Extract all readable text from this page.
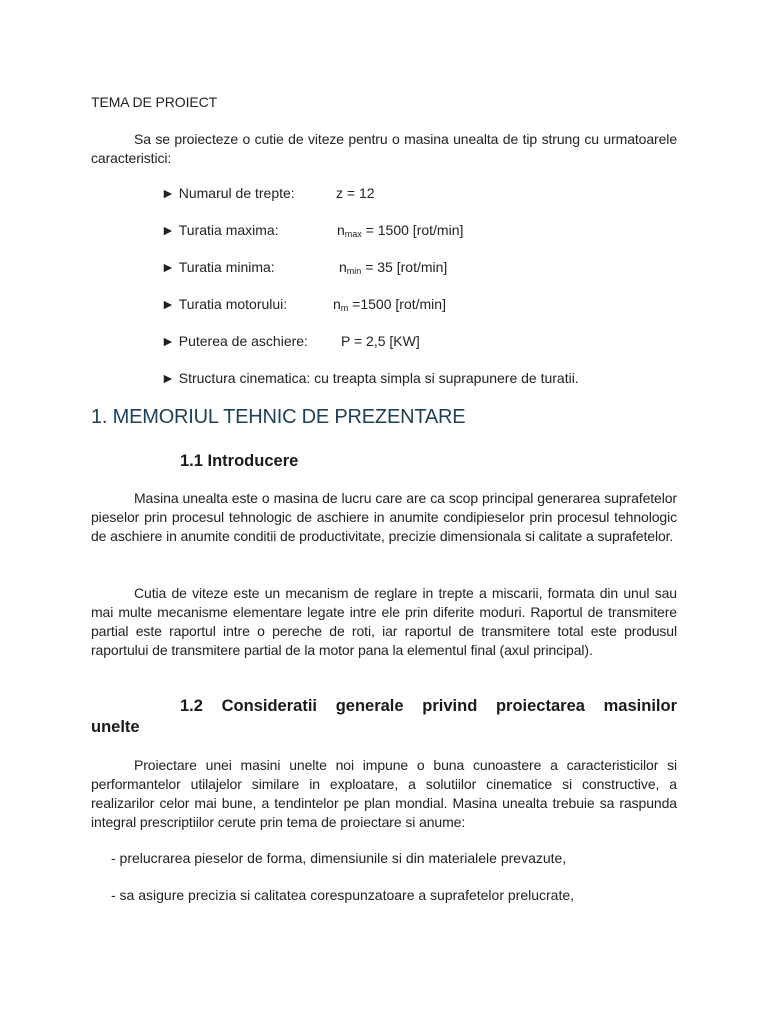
TEMA DE PROIECT
Sa se proiecteze o cutie de viteze pentru o masina unealta de tip strung cu urmatoarele caracteristici:
► Numarul de trepte:	z = 12
► Turatia maxima:	$n_{max} = 1500$ [rot/min]
► Turatia minima:	$n_{min} = 35$ [rot/min]
► Turatia motorului:	$n_m =1500$ [rot/min]
► Puterea de aschiere: P = 2,5 [KW]
► Structura cinematica: cu treapta simpla si suprapunere de turatii.
1. MEMORIUL TEHNIC DE PREZENTARE
1.1 Introducere
Masina unealta este o masina de lucru care are ca scop principal generarea suprafetelor pieselor prin procesul tehnologic de aschiere in anumite condipieselor prin procesul tehnologic de aschiere in anumite conditii de productivitate, precizie dimensionala si calitate a suprafetelor.
Cutia de viteze este un mecanism de reglare in trepte a miscarii, formata din unul sau mai multe mecanisme elementare legate intre ele prin diferite moduri. Raportul de transmitere partial este raportul intre o pereche de roti, iar raportul de transmitere total este produsul raportului de transmitere partial de la motor pana la elementul final (axul principal).
1.2 Consideratii generale privind proiectarea masinilor
unelte
Proiectare unei masini unelte noi impune o buna cunoastere a caracteristicilor si performantelor utilajelor similare in exploatare, a solutiilor cinematice si constructive, a realizarilor celor mai bune, a tendintelor pe plan mondial. Masina unealta trebuie sa raspunda integral prescriptiilor cerute prin tema de proiectare si anume:
- prelucrarea pieselor de forma, dimensiunile si din materialele prevazute,
- sa asigure precizia si calitatea corespunzatoare a suprafetelor prelucrate,
